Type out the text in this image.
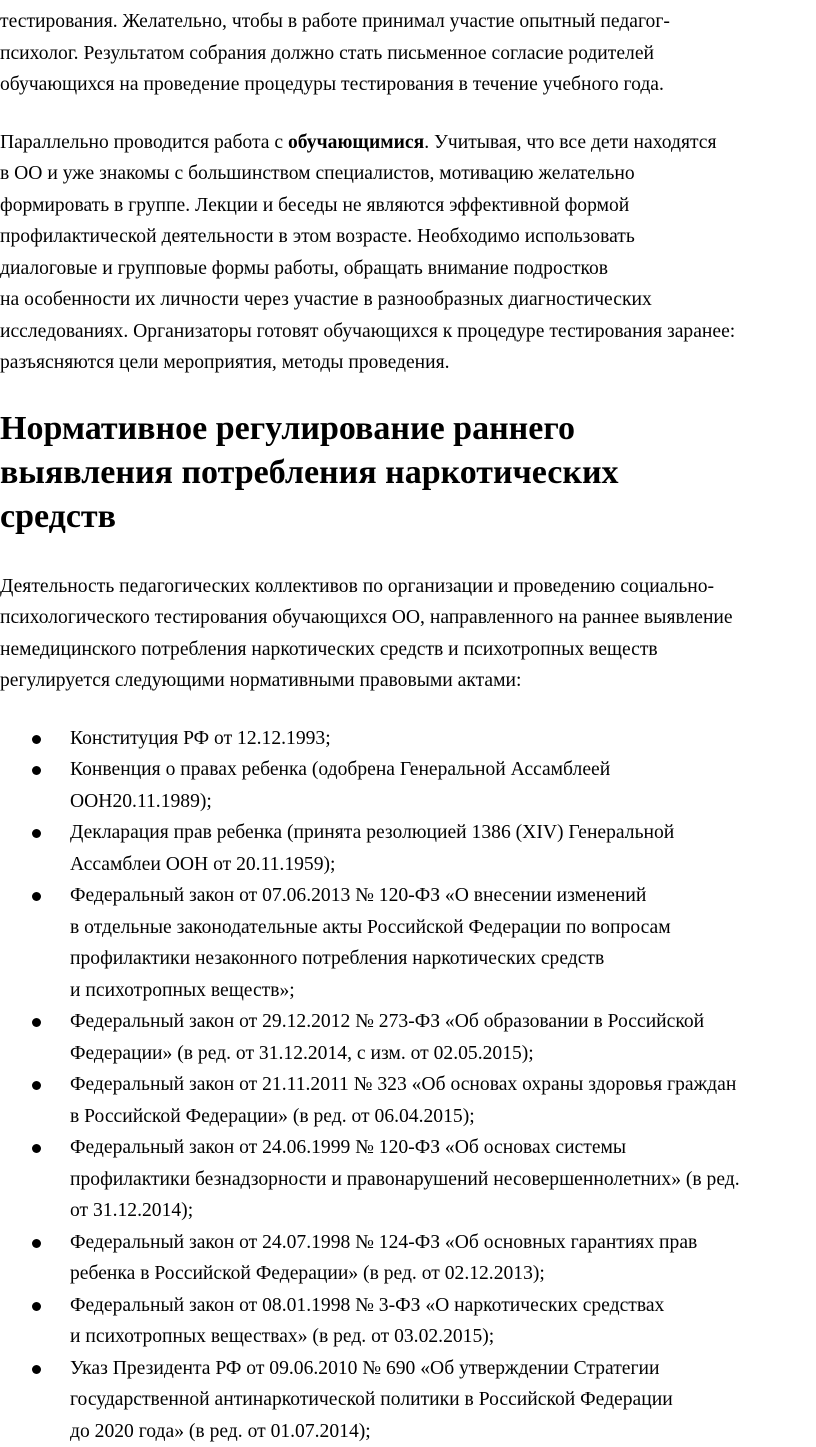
тестирования. Желательно, чтобы в работе принимал участие опытный педагог-
психолог. Результатом собрания должно стать письменное согласие родителей
обучающихся на проведение процедуры тестирования в течение учебного года.

Параллельно проводится работа с обучающимися. Учитывая, что все дети находятся
в ОО и уже знакомы с большинством специалистов, мотивацию желательно
формировать в группе. Лекции и беседы не являются эффективной формой
профилактической деятельности в этом возрасте. Необходимо использовать
диалоговые и групповые формы работы, обращать внимание подростков
на особенности их личности через участие в разнообразных диагностических
исследованиях. Организаторы готовят обучающихся к процедуре тестирования заранее:
разъясняются цели мероприятия, методы проведения.

Нормативное регулирование раннего
выявления потребления наркотических
средств

Деятельность педагогических коллективов по организации и проведению социально-
психологического тестирования обучающихся ОО, направленного на раннее выявление
немедицинского потребления наркотических средств и психотропных веществ
регулируется следующими нормативными правовыми актами:

Конституция РФ от 12.12.1993;
Конвенция о правах ребенка (одобрена Генеральной Ассамблеей
ООН20.11.1989);
Декларация прав ребенка (принята резолюцией 1386 (XIV) Генеральной
Ассамблеи ООН от 20.11.1959);
Федеральный закон от 07.06.2013 № 120-ФЗ «О внесении изменений
в отдельные законодательные акты Российской Федерации по вопросам
профилактики незаконного потребления наркотических средств
и психотропных веществ»;
Федеральный закон от 29.12.2012 № 273-ФЗ «Об образовании в Российской
Федерации» (в ред. от 31.12.2014, с изм. от 02.05.2015);
Федеральный закон от 21.11.2011 № 323 «Об основах охраны здоровья граждан
в Российской Федерации» (в ред. от 06.04.2015);
Федеральный закон от 24.06.1999 № 120-ФЗ «Об основах системы
профилактики безнадзорности и правонарушений несовершеннолетних» (в ред.
от 31.12.2014);
Федеральный закон от 24.07.1998 № 124-ФЗ «Об основных гарантиях прав
ребенка в Российской Федерации» (в ред. от 02.12.2013);
Федеральный закон от 08.01.1998 № 3-ФЗ «О наркотических средствах
и психотропных веществах» (в ред. от 03.02.2015);
Указ Президента РФ от 09.06.2010 № 690 «Об утверждении Стратегии
государственной антинаркотической политики в Российской Федерации
до 2020 года» (в ред. от 01.07.2014);
